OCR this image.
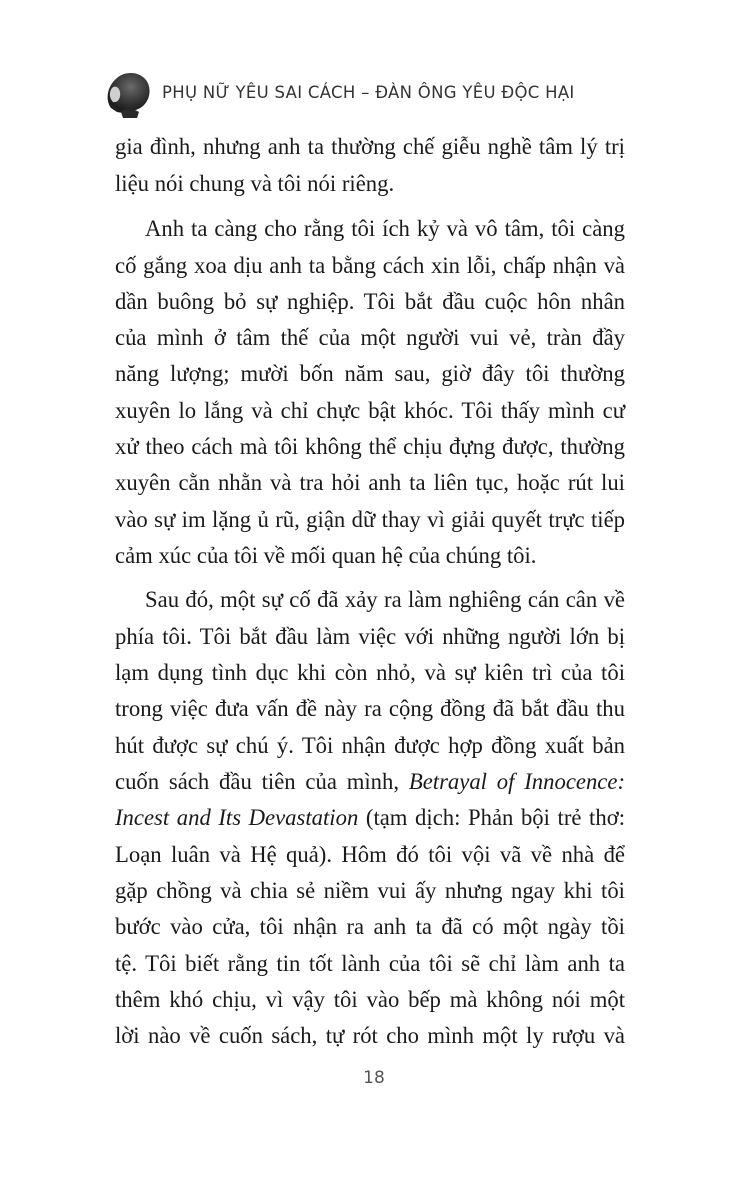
PHỤ NỮ YÊU SAI CÁCH – ĐÀN ÔNG YÊU ĐỘC HẠI
gia đình, nhưng anh ta thường chế giễu nghề tâm lý trị
liệu nói chung và tôi nói riêng.
Anh ta càng cho rằng tôi ích kỷ và vô tâm, tôi càng
cố gắng xoa dịu anh ta bằng cách xin lỗi, chấp nhận và
dần buông bỏ sự nghiệp. Tôi bắt đầu cuộc hôn nhân
của mình ở tâm thế của một người vui vẻ, tràn đầy
năng lượng; mười bốn năm sau, giờ đây tôi thường
xuyên lo lắng và chỉ chực bật khóc. Tôi thấy mình cư
xử theo cách mà tôi không thể chịu đựng được, thường
xuyên cằn nhằn và tra hỏi anh ta liên tục, hoặc rút lui
vào sự im lặng ủ rũ, giận dữ thay vì giải quyết trực tiếp
cảm xúc của tôi về mối quan hệ của chúng tôi.
Sau đó, một sự cố đã xảy ra làm nghiêng cán cân về
phía tôi. Tôi bắt đầu làm việc với những người lớn bị
lạm dụng tình dục khi còn nhỏ, và sự kiên trì của tôi
trong việc đưa vấn đề này ra cộng đồng đã bắt đầu thu
hút được sự chú ý. Tôi nhận được hợp đồng xuất bản
cuốn sách đầu tiên của mình, Betrayal of Innocence:
Incest and Its Devastation (tạm dịch: Phản bội trẻ thơ:
Loạn luân và Hệ quả). Hôm đó tôi vội vã về nhà để
gặp chồng và chia sẻ niềm vui ấy nhưng ngay khi tôi
bước vào cửa, tôi nhận ra anh ta đã có một ngày tồi
tệ. Tôi biết rằng tin tốt lành của tôi sẽ chỉ làm anh ta
thêm khó chịu, vì vậy tôi vào bếp mà không nói một
lời nào về cuốn sách, tự rót cho mình một ly rượu và
18
